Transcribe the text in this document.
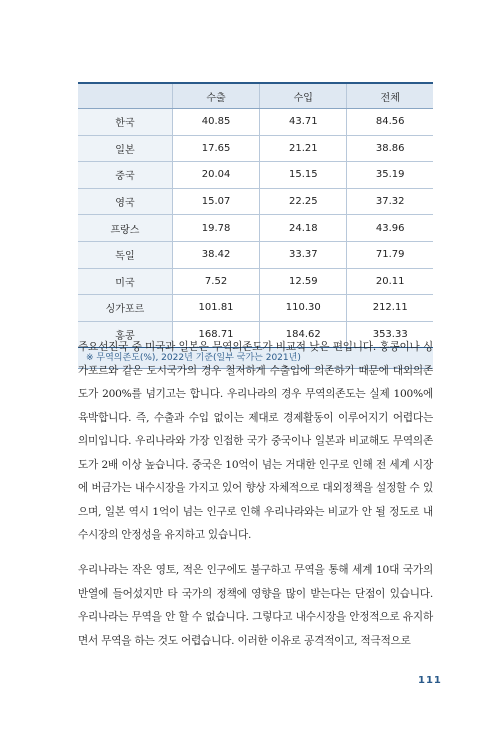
	수출	수입	전체
한국	40.85	43.71	84.56
일본	17.65	21.21	38.86
중국	20.04	15.15	35.19
영국	15.07	22.25	37.32
프랑스	19.78	24.18	43.96
독일	38.42	33.37	71.79
미국	7.52	12.59	20.11
싱가포르	101.81	110.30	212.11
홍콩	168.71	184.62	353.33
※ 무역의존도(%), 2022년 기준(일부 국가는 2021년)

주요선진국 중 미국과 일본은 무역의존도가 비교적 낮은 편입니다. 홍콩이나 싱가포르와 같은 도시국가의 경우 철저하게 수출입에 의존하기 때문에 대외의존도가 200%를 넘기고는 합니다. 우리나라의 경우 무역의존도는 실제 100%에 육박합니다. 즉, 수출과 수입 없이는 제대로 경제활동이 이루어지기 어렵다는 의미입니다. 우리나라와 가장 인접한 국가 중국이나 일본과 비교해도 무역의존도가 2배 이상 높습니다. 중국은 10억이 넘는 거대한 인구로 인해 전 세계 시장에 버금가는 내수시장을 가지고 있어 향상 자체적으로 대외정책을 설정할 수 있으며, 일본 역시 1억이 넘는 인구로 인해 우리나라와는 비교가 안 될 정도로 내수시장의 안정성을 유지하고 있습니다.

우리나라는 작은 영토, 적은 인구에도 불구하고 무역을 통해 세계 10대 국가의 반열에 들어섰지만 타 국가의 정책에 영향을 많이 받는다는 단점이 있습니다. 우리나라는 무역을 안 할 수 없습니다. 그렇다고 내수시장을 안정적으로 유지하면서 무역을 하는 것도 어렵습니다. 이러한 이유로 공격적이고, 적극적으로

111
